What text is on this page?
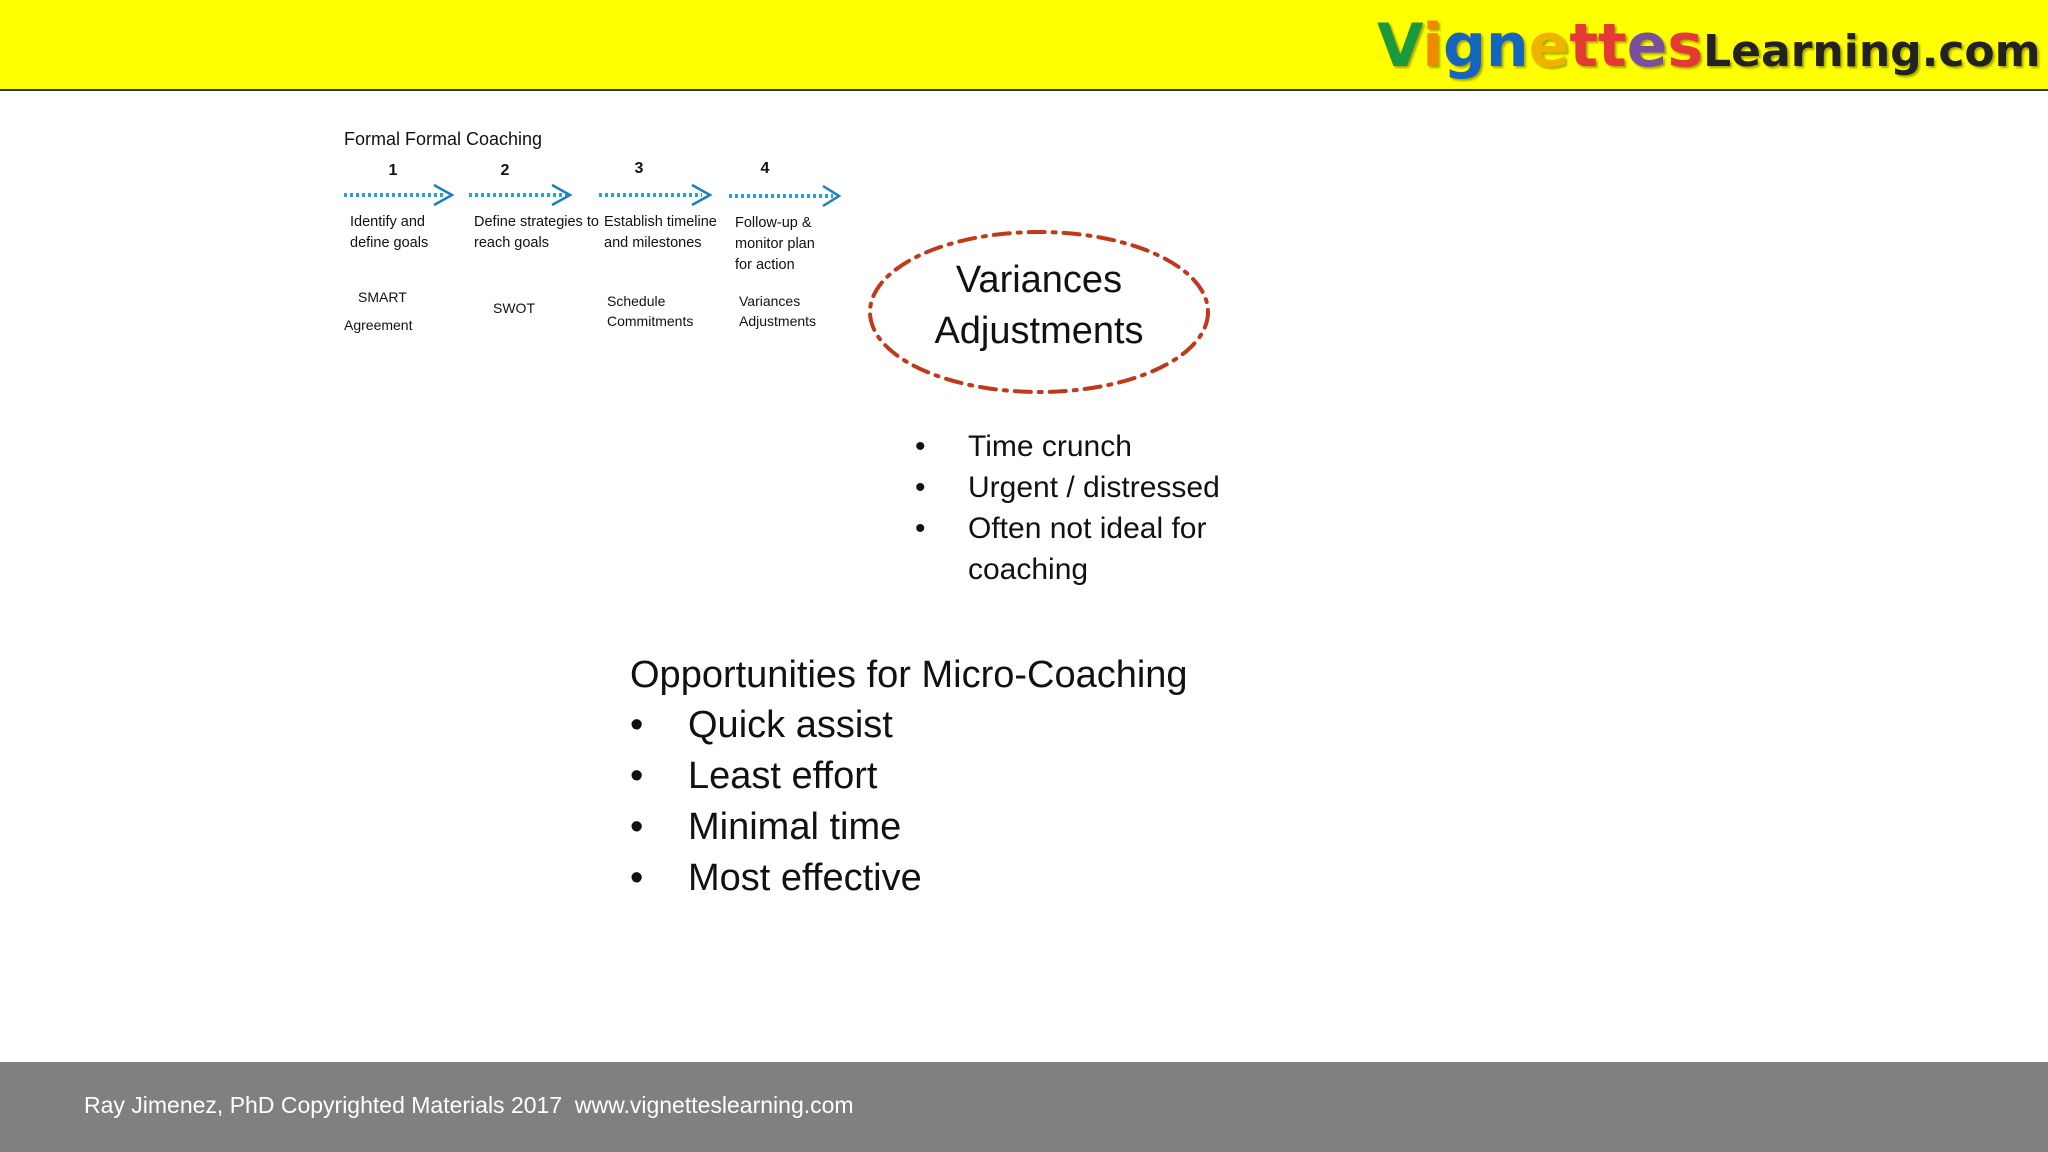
Vignettes Learning.com
Formal Formal Coaching
1
Identify and define goals
SMART
Agreement
2
Define strategies to reach goals
SWOT
3
Establish timeline and milestones
Schedule
Commitments
4
Follow-up & monitor plan for action
Variances
Adjustments
Variances
Adjustments
• Time crunch
• Urgent / distressed
• Often not ideal for coaching
Opportunities for Micro-Coaching
• Quick assist
• Least effort
• Minimal time
• Most effective
Ray Jimenez, PhD Copyrighted Materials 2017  www.vignetteslearning.com
